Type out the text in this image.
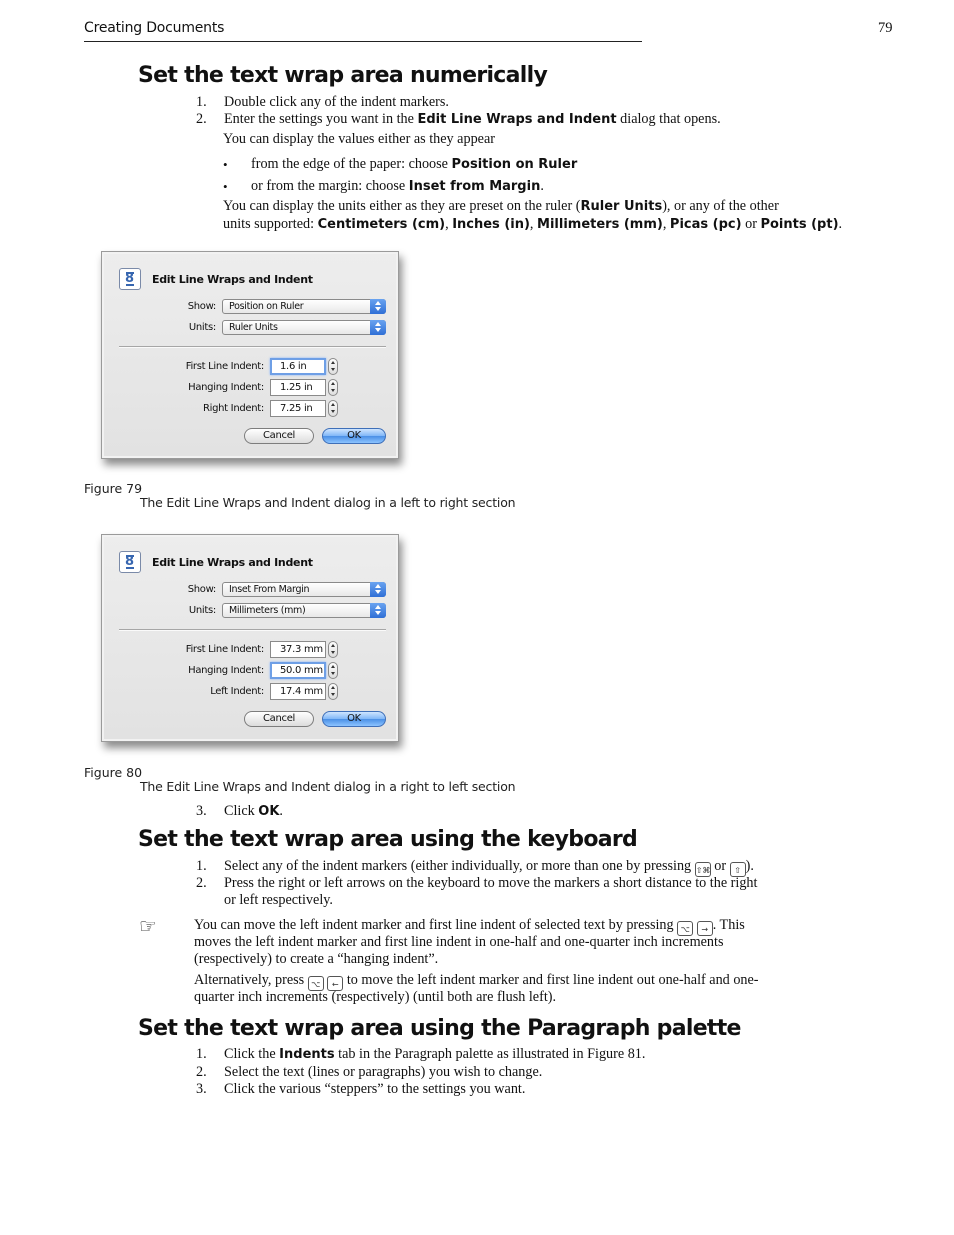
Creating Documents	79
Set the text wrap area numerically
1. Double click any of the indent markers.
2. Enter the settings you want in the Edit Line Wraps and Indent dialog that opens.
You can display the values either as they appear
• from the edge of the paper: choose Position on Ruler
• or from the margin: choose Inset from Margin.
You can display the units either as they are preset on the ruler (Ruler Units), or any of the other
units supported: Centimeters (cm), Inches (in), Millimeters (mm), Picas (pc) or Points (pt).
8
Edit Line Wraps and Indent
Show:	Position on Ruler
Units:	Ruler Units
First Line Indent:	1.6 in
Hanging Indent:	1.25 in
Right Indent:	7.25 in
Cancel	OK
Figure 79
The Edit Line Wraps and Indent dialog in a left to right section
8
Edit Line Wraps and Indent
Show:	Inset From Margin
Units:	Millimeters (mm)
First Line Indent:	37.3 mm
Hanging Indent:	50.0 mm
Left Indent:	17.4 mm
Cancel	OK
Figure 80
The Edit Line Wraps and Indent dialog in a right to left section
3. Click OK.
Set the text wrap area using the keyboard
1. Select any of the indent markers (either individually, or more than one by pressing ⇧⌘ or ⇧ ).
2. Press the right or left arrows on the keyboard to move the markers a short distance to the right
or left respectively.
☞	You can move the left indent marker and first line indent of selected text by pressing ⌥ → . This
moves the left indent marker and first line indent in one-half and one-quarter inch increments
(respectively) to create a “hanging indent”.
Alternatively, press ⌥ ← to move the left indent marker and first line indent out one-half and one-
quarter inch increments (respectively) (until both are flush left).
Set the text wrap area using the Paragraph palette
1. Click the Indents tab in the Paragraph palette as illustrated in Figure 81.
2. Select the text (lines or paragraphs) you wish to change.
3. Click the various “steppers” to the settings you want.
